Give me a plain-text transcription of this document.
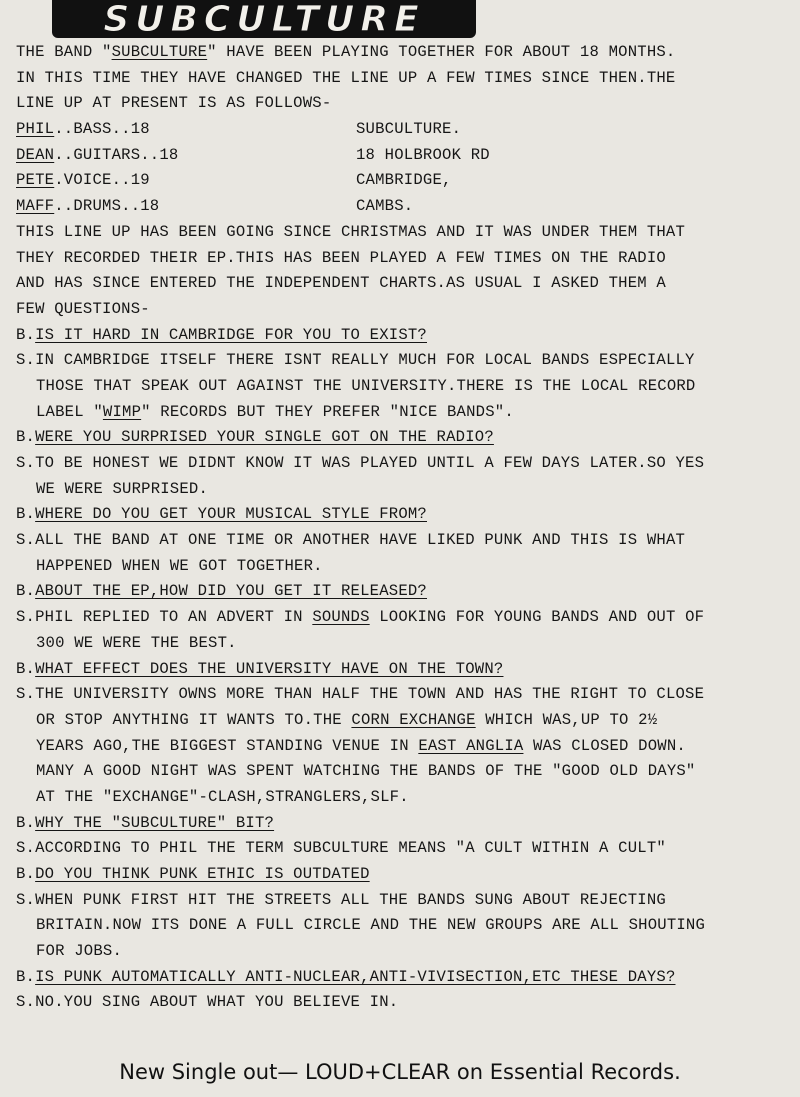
SUBCULTURE
THE BAND "SUBCULTURE" HAVE BEEN PLAYING TOGETHER FOR ABOUT 18 MONTHS.
IN THIS TIME THEY HAVE CHANGED THE LINE UP A FEW TIMES SINCE THEN.THE
LINE UP AT PRESENT IS AS FOLLOWS-
PHIL..BASS..18	SUBCULTURE.
DEAN..GUITARS..18	18 HOLBROOK RD
PETE.VOICE..19	CAMBRIDGE,
MAFF..DRUMS..18	CAMBS.
THIS LINE UP HAS BEEN GOING SINCE CHRISTMAS AND IT WAS UNDER THEM THAT
THEY RECORDED THEIR EP.THIS HAS BEEN PLAYED A FEW TIMES ON THE RADIO
AND HAS SINCE ENTERED THE INDEPENDENT CHARTS.AS USUAL I ASKED THEM A
FEW QUESTIONS-
B.IS IT HARD IN CAMBRIDGE FOR YOU TO EXIST?
S.IN CAMBRIDGE ITSELF THERE ISNT REALLY MUCH FOR LOCAL BANDS ESPECIALLY
THOSE THAT SPEAK OUT AGAINST THE UNIVERSITY.THERE IS THE LOCAL RECORD
LABEL "WIMP" RECORDS BUT THEY PREFER "NICE BANDS".
B.WERE YOU SURPRISED YOUR SINGLE GOT ON THE RADIO?
S.TO BE HONEST WE DIDNT KNOW IT WAS PLAYED UNTIL A FEW DAYS LATER.SO YES
WE WERE SURPRISED.
B.WHERE DO YOU GET YOUR MUSICAL STYLE FROM?
S.ALL THE BAND AT ONE TIME OR ANOTHER HAVE LIKED PUNK AND THIS IS WHAT
HAPPENED WHEN WE GOT TOGETHER.
B.ABOUT THE EP,HOW DID YOU GET IT RELEASED?
S.PHIL REPLIED TO AN ADVERT IN SOUNDS LOOKING FOR YOUNG BANDS AND OUT OF
300 WE WERE THE BEST.
B.WHAT EFFECT DOES THE UNIVERSITY HAVE ON THE TOWN?
S.THE UNIVERSITY OWNS MORE THAN HALF THE TOWN AND HAS THE RIGHT TO CLOSE
OR STOP ANYTHING IT WANTS TO.THE CORN EXCHANGE WHICH WAS,UP TO 2½
YEARS AGO,THE BIGGEST STANDING VENUE IN EAST ANGLIA WAS CLOSED DOWN.
MANY A GOOD NIGHT WAS SPENT WATCHING THE BANDS OF THE "GOOD OLD DAYS"
AT THE "EXCHANGE"-CLASH,STRANGLERS,SLF.
B.WHY THE "SUBCULTURE" BIT?
S.ACCORDING TO PHIL THE TERM SUBCULTURE MEANS "A CULT WITHIN A CULT"
B.DO YOU THINK PUNK ETHIC IS OUTDATED
S.WHEN PUNK FIRST HIT THE STREETS ALL THE BANDS SUNG ABOUT REJECTING
BRITAIN.NOW ITS DONE A FULL CIRCLE AND THE NEW GROUPS ARE ALL SHOUTING
FOR JOBS.
B.IS PUNK AUTOMATICALLY ANTI-NUCLEAR,ANTI-VIVISECTION,ETC THESE DAYS?
S.NO.YOU SING ABOUT WHAT YOU BELIEVE IN.
New Single out— LOUD+CLEAR on Essential Records.
